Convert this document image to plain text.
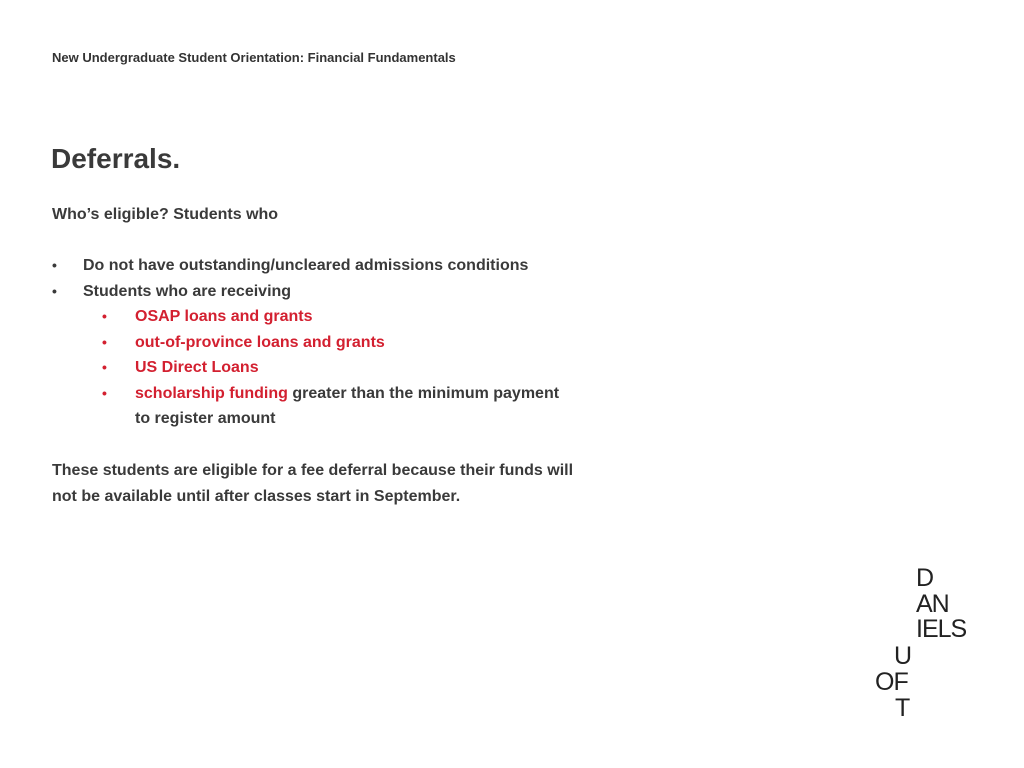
New Undergraduate Student Orientation: Financial Fundamentals
Deferrals.
Who’s eligible? Students who
• Do not have outstanding/uncleared admissions conditions
• Students who are receiving
• OSAP loans and grants
• out-of-province loans and grants
• US Direct Loans
• scholarship funding greater than the minimum payment
to register amount
These students are eligible for a fee deferral because their funds will
not be available until after classes start in September.
D
AN
IELS
U
OF
T
